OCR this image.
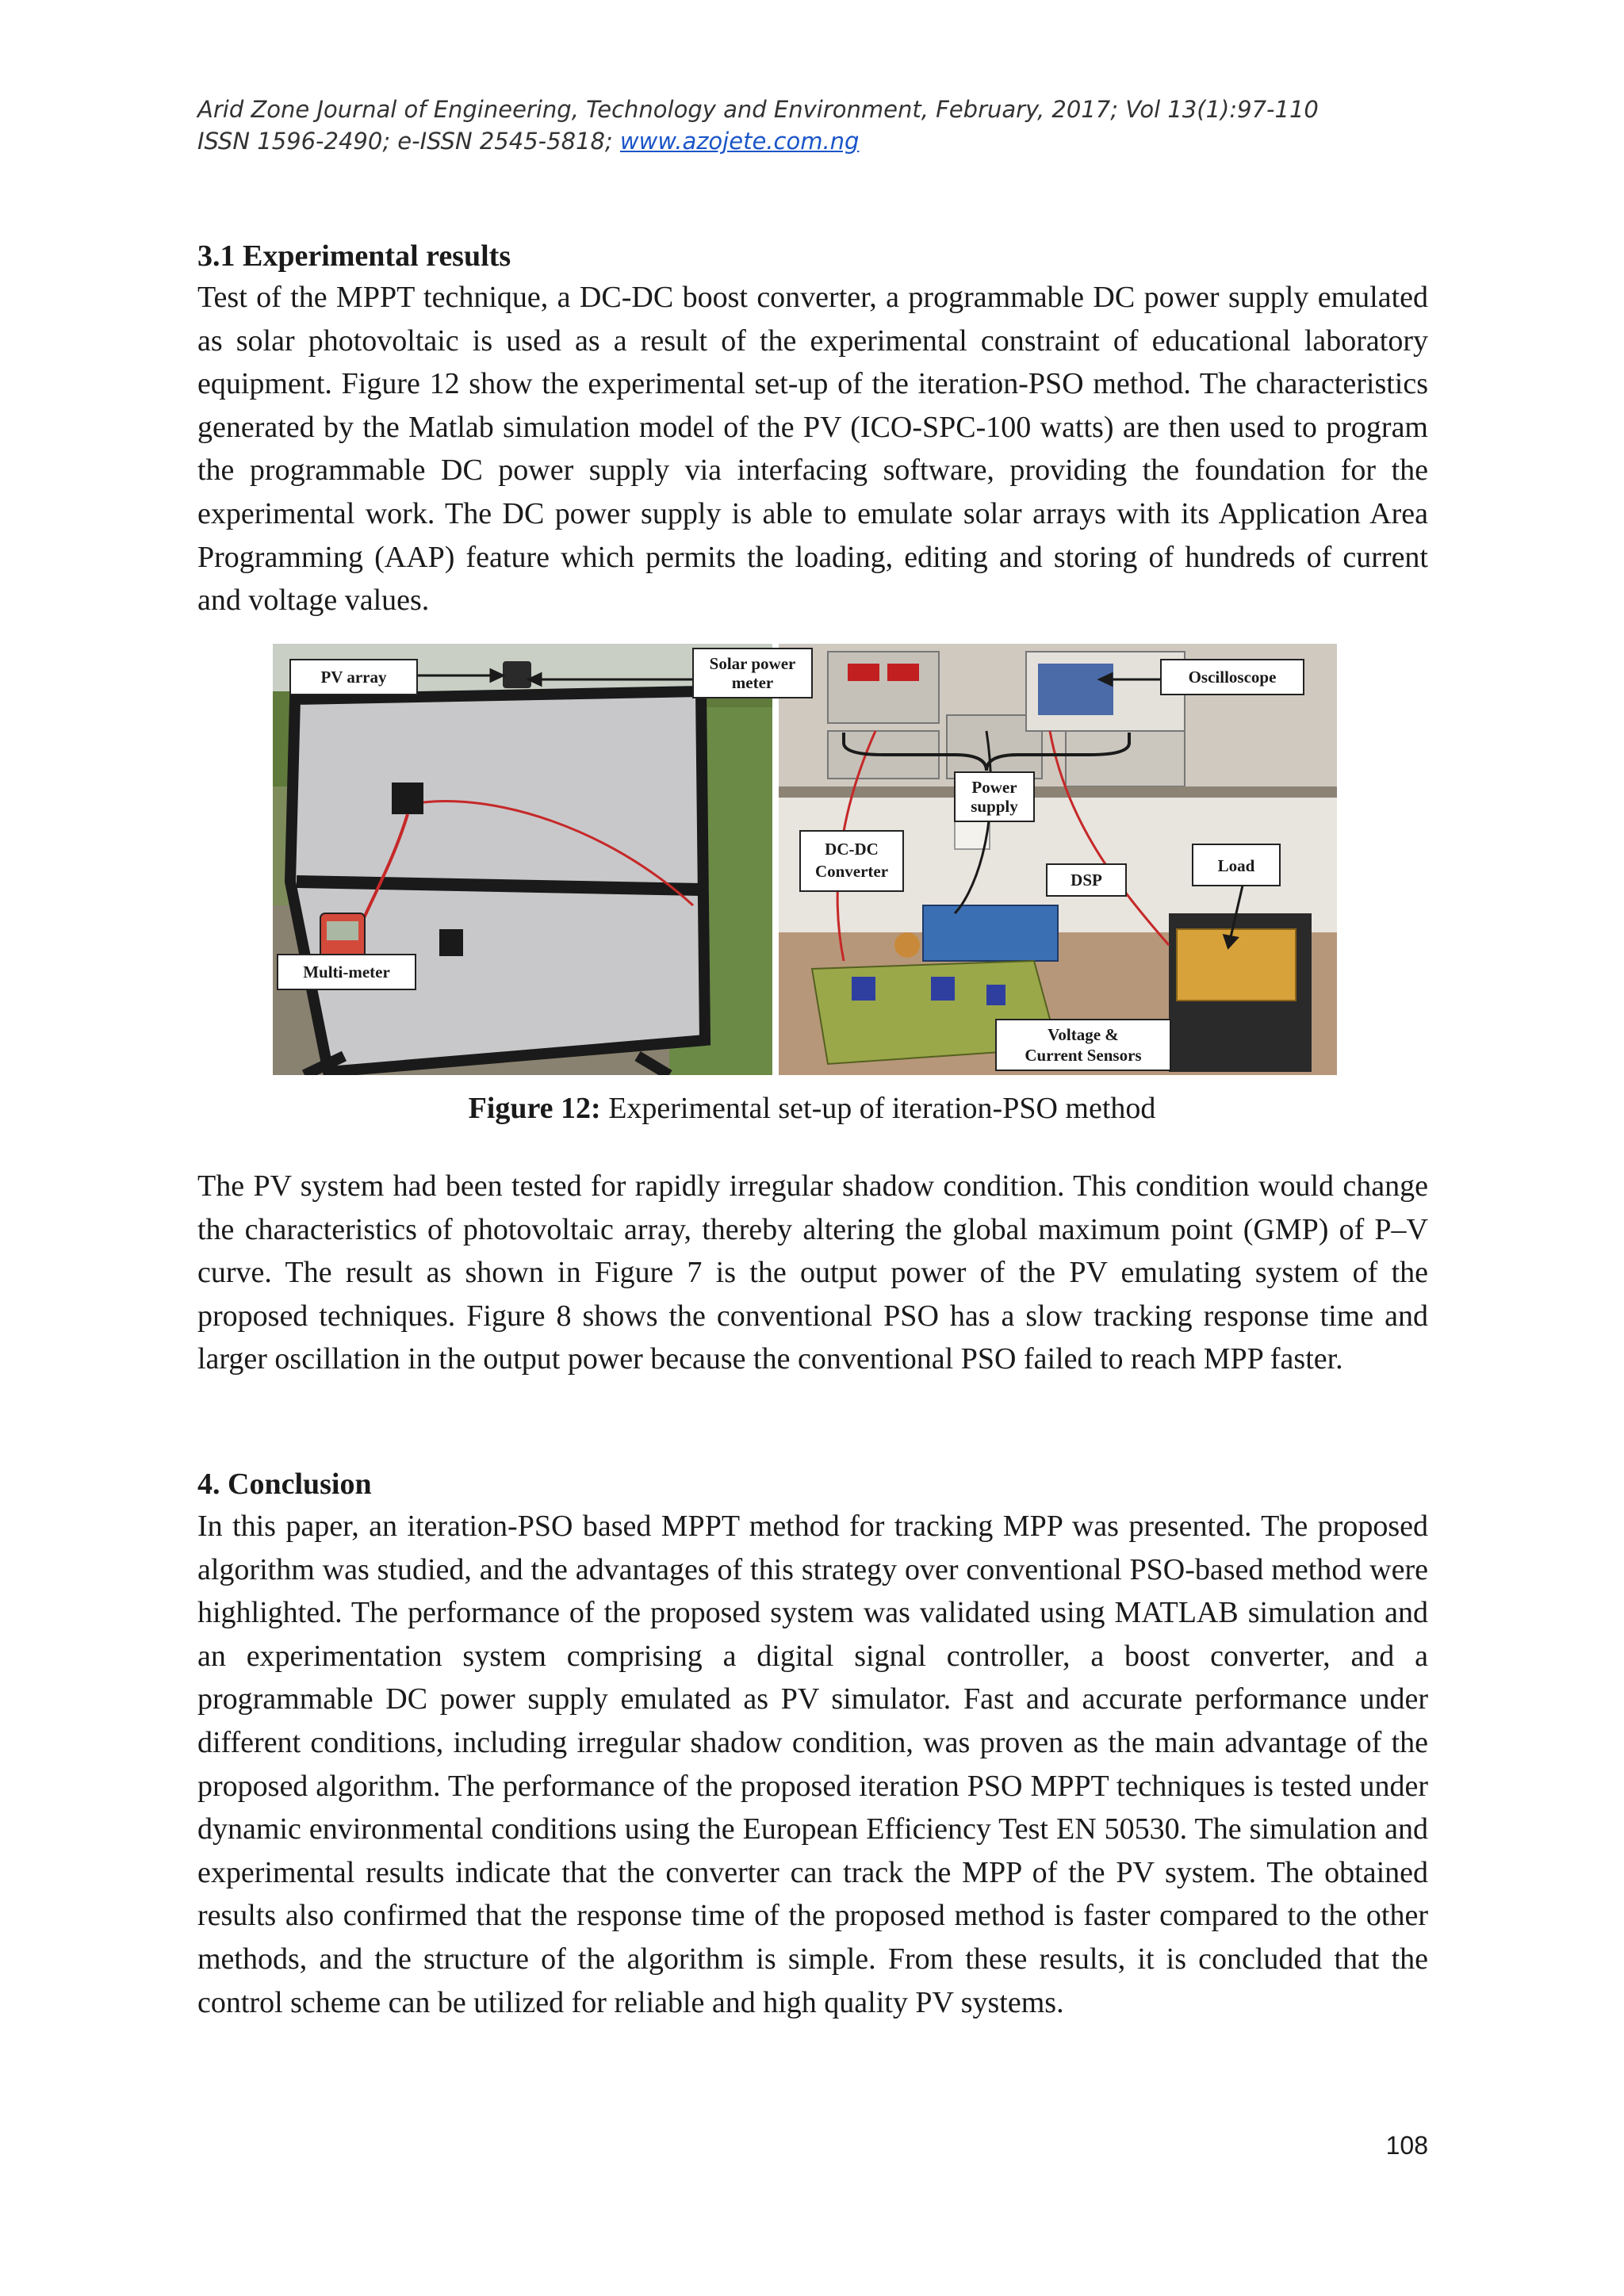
Arid Zone Journal of Engineering, Technology and Environment, February, 2017; Vol 13(1):97-110
ISSN 1596-2490; e-ISSN 2545-5818; www.azojete.com.ng
3.1 Experimental results

Test of the MPPT technique, a DC-DC boost converter, a programmable DC power supply emulated as solar photovoltaic is used as a result of the experimental constraint of educational laboratory equipment. Figure 12 show the experimental set-up of the iteration-PSO method. The characteristics generated by the Matlab simulation model of the PV (ICO-SPC-100 watts) are then used to program the programmable DC power supply via interfacing software, providing the foundation for the experimental work. The DC power supply is able to emulate solar arrays with its Application Area Programming (AAP) feature which permits the loading, editing and storing of hundreds of current and voltage values.

PV array
Solar power
meter	Oscilloscope
Power
supply
DC-DC
Converter	DSP
Load
Multi-meter
Voltage &
Current Sensors
Figure 12: Experimental set-up of iteration-PSO method

The PV system had been tested for rapidly irregular shadow condition. This condition would change the characteristics of photovoltaic array, thereby altering the global maximum point (GMP) of P–V curve. The result as shown in Figure 7 is the output power of the PV emulating system of the proposed techniques. Figure 8 shows the conventional PSO has a slow tracking response time and larger oscillation in the output power because the conventional PSO failed to reach MPP faster.

4. Conclusion

In this paper, an iteration-PSO based MPPT method for tracking MPP was presented. The proposed algorithm was studied, and the advantages of this strategy over conventional PSO-based method were highlighted. The performance of the proposed system was validated using MATLAB simulation and an experimentation system comprising a digital signal controller, a boost converter, and a programmable DC power supply emulated as PV simulator. Fast and accurate performance under different conditions, including irregular shadow condition, was proven as the main advantage of the proposed algorithm. The performance of the proposed iteration PSO MPPT techniques is tested under dynamic environmental conditions using the European Efficiency Test EN 50530. The simulation and experimental results indicate that the converter can track the MPP of the PV system. The obtained results also confirmed that the response time of the proposed method is faster compared to the other methods, and the structure of the algorithm is simple. From these results, it is concluded that the control scheme can be utilized for reliable and high quality PV systems.

108
